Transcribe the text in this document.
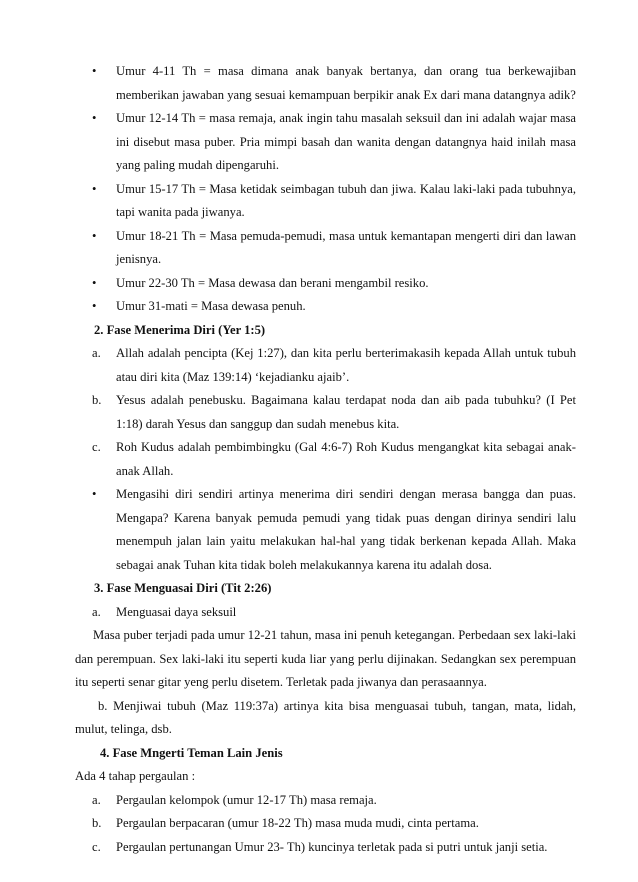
• Umur 4-11 Th = masa dimana anak banyak bertanya, dan orang tua berkewajiban memberikan jawaban yang sesuai kemampuan berpikir anak Ex dari mana datangnya adik?
• Umur 12-14 Th = masa remaja, anak ingin tahu masalah seksuil dan ini adalah wajar masa ini disebut masa puber. Pria mimpi basah dan wanita dengan datangnya haid inilah masa yang paling mudah dipengaruhi.
• Umur 15-17 Th = Masa ketidak seimbagan tubuh dan jiwa. Kalau laki-laki pada tubuhnya, tapi wanita pada jiwanya.
• Umur 18-21 Th = Masa pemuda-pemudi, masa untuk kemantapan mengerti diri dan lawan jenisnya.
• Umur 22-30 Th = Masa dewasa dan berani mengambil resiko.
• Umur 31-mati = Masa dewasa penuh.
2. Fase Menerima Diri (Yer 1:5)
a. Allah adalah pencipta (Kej 1:27), dan kita perlu berterimakasih kepada Allah untuk tubuh atau diri kita (Maz 139:14) ‘kejadianku ajaib’.
b. Yesus adalah penebusku. Bagaimana kalau terdapat noda dan aib pada tubuhku? (I Pet 1:18) darah Yesus dan sanggup dan sudah menebus kita.
c. Roh Kudus adalah pembimbingku (Gal 4:6-7) Roh Kudus mengangkat kita sebagai anak-anak Allah.
• Mengasihi diri sendiri artinya menerima diri sendiri dengan merasa bangga dan puas. Mengapa? Karena banyak pemuda pemudi yang tidak puas dengan dirinya sendiri lalu menempuh jalan lain yaitu melakukan hal-hal yang tidak berkenan kepada Allah. Maka sebagai anak Tuhan kita tidak boleh melakukannya karena itu adalah dosa.
3. Fase Menguasai Diri (Tit 2:26)
a. Menguasai daya seksuil
Masa puber terjadi pada umur 12-21 tahun, masa ini penuh ketegangan. Perbedaan sex laki-laki dan perempuan. Sex laki-laki itu seperti kuda liar yang perlu dijinakan. Sedangkan sex perempuan itu seperti senar gitar yeng perlu disetem. Terletak pada jiwanya dan perasaannya.
b. Menjiwai tubuh (Maz 119:37a) artinya kita bisa menguasai tubuh, tangan, mata, lidah, mulut, telinga, dsb.
4. Fase Mngerti Teman Lain Jenis
Ada 4 tahap pergaulan :
a. Pergaulan kelompok (umur 12-17 Th) masa remaja.
b. Pergaulan berpacaran (umur 18-22 Th) masa muda mudi, cinta pertama.
c. Pergaulan pertunangan Umur 23- Th) kuncinya terletak pada si putri untuk janji setia.
